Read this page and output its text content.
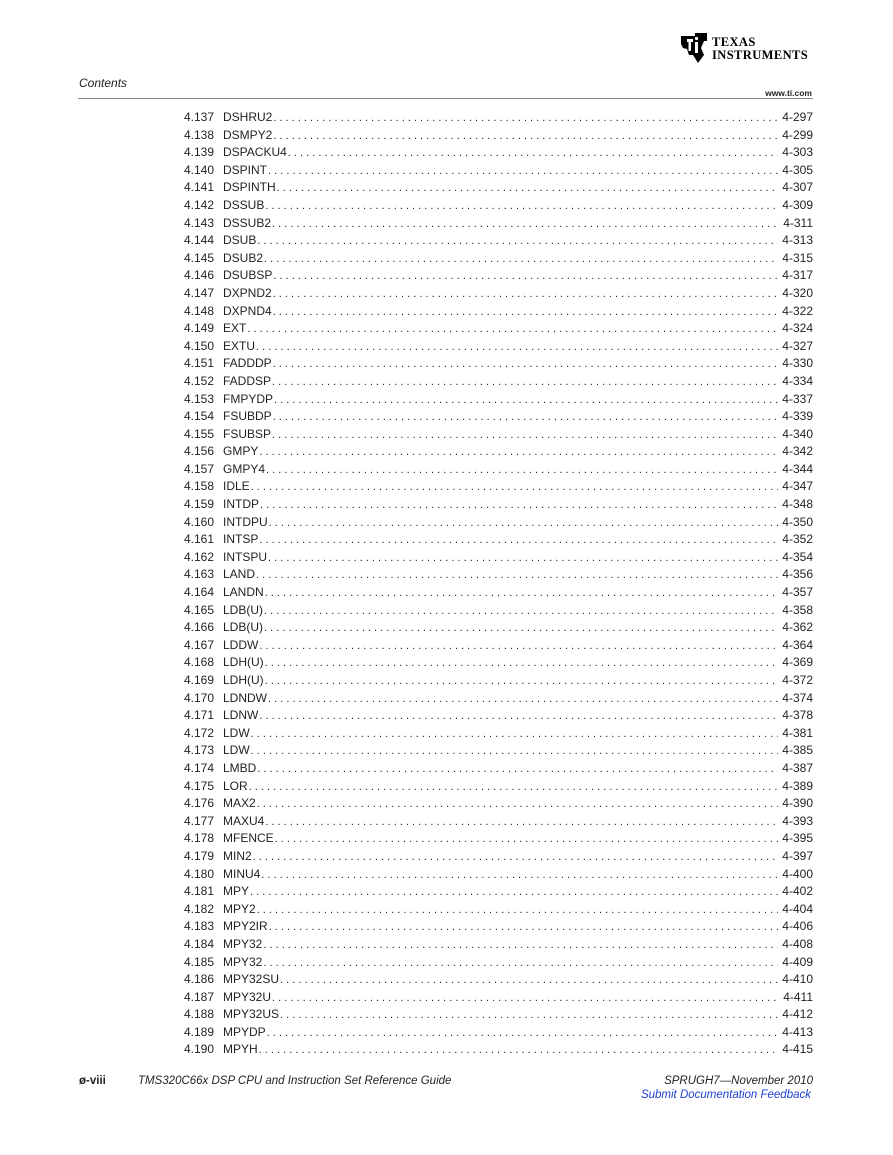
Contents
TEXAS
INSTRUMENTS
www.ti.com
4.137 DSHRU2 . . .	4-297
4.138 DSMPY2 . . .	4-299
4.139 DSPACKU4 . . .	4-303
4.140 DSPINT . . .	4-305
4.141 DSPINTH . . .	4-307
4.142 DSSUB . . .	4-309
4.143 DSSUB2 . . .	4-311
4.144 DSUB . . .	4-313
4.145 DSUB2 . . .	4-315
4.146 DSUBSP . . .	4-317
4.147 DXPND2 . . .	4-320
4.148 DXPND4 . . .	4-322
4.149 EXT . . .	4-324
4.150 EXTU . . .	4-327
4.151 FADDDP . . .	4-330
4.152 FADDSP . . .	4-334
4.153 FMPYDP . . .	4-337
4.154 FSUBDP . . .	4-339
4.155 FSUBSP . . .	4-340
4.156 GMPY . . .	4-342
4.157 GMPY4 . . .	4-344
4.158 IDLE . . .	4-347
4.159 INTDP . . .	4-348
4.160 INTDPU . . .	4-350
4.161 INTSP . . .	4-352
4.162 INTSPU . . .	4-354
4.163 LAND . . .	4-356
4.164 LANDN . . .	4-357
4.165 LDB(U) . . .	4-358
4.166 LDB(U) . . .	4-362
4.167 LDDW . . .	4-364
4.168 LDH(U) . . .	4-369
4.169 LDH(U) . . .	4-372
4.170 LDNDW . . .	4-374
4.171 LDNW . . .	4-378
4.172 LDW . . .	4-381
4.173 LDW . . .	4-385
4.174 LMBD . . .	4-387
4.175 LOR . . .	4-389
4.176 MAX2 . . .	4-390
4.177 MAXU4 . . .	4-393
4.178 MFENCE . . .	4-395
4.179 MIN2 . . .	4-397
4.180 MINU4 . . .	4-400
4.181 MPY . . .	4-402
4.182 MPY2 . . .	4-404
4.183 MPY2IR . . .	4-406
4.184 MPY32 . . .	4-408
4.185 MPY32 . . .	4-409
4.186 MPY32SU . . .	4-410
4.187 MPY32U . . .	4-411
4.188 MPY32US . . .	4-412
4.189 MPYDP . . .	4-413
4.190 MPYH . . .	4-415
ø-viii	TMS320C66x DSP CPU and Instruction Set Reference Guide	SPRUGH7—November 2010
Submit Documentation Feedback
